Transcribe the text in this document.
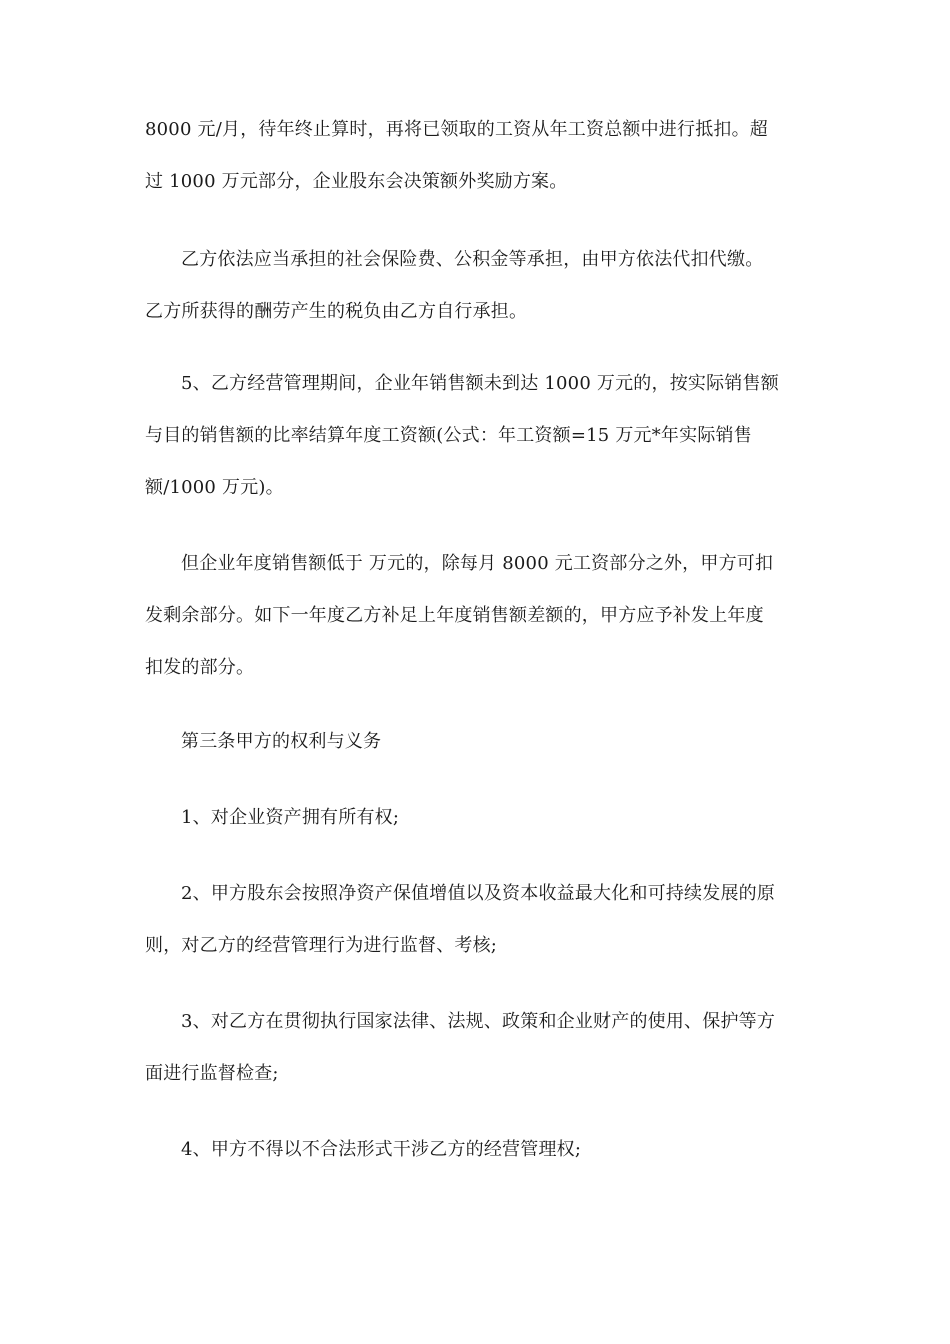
8000 元/月，待年终止算时，再将已领取的工资从年工资总额中进行抵扣。超
过 1000 万元部分，企业股东会决策额外奖励方案。

乙方依法应当承担的社会保险费、公积金等承担，由甲方依法代扣代缴。
乙方所获得的酬劳产生的税负由乙方自行承担。

5、乙方经营管理期间，企业年销售额未到达 1000 万元的，按实际销售额
与目的销售额的比率结算年度工资额(公式：年工资额=15 万元*年实际销售
额/1000 万元)。

但企业年度销售额低于 万元的，除每月 8000 元工资部分之外，甲方可扣
发剩余部分。如下一年度乙方补足上年度销售额差额的，甲方应予补发上年度
扣发的部分。

第三条甲方的权利与义务

1、对企业资产拥有所有权;

2、甲方股东会按照净资产保值增值以及资本收益最大化和可持续发展的原
则，对乙方的经营管理行为进行监督、考核;

3、对乙方在贯彻执行国家法律、法规、政策和企业财产的使用、保护等方
面进行监督检查;

4、甲方不得以不合法形式干涉乙方的经营管理权;
